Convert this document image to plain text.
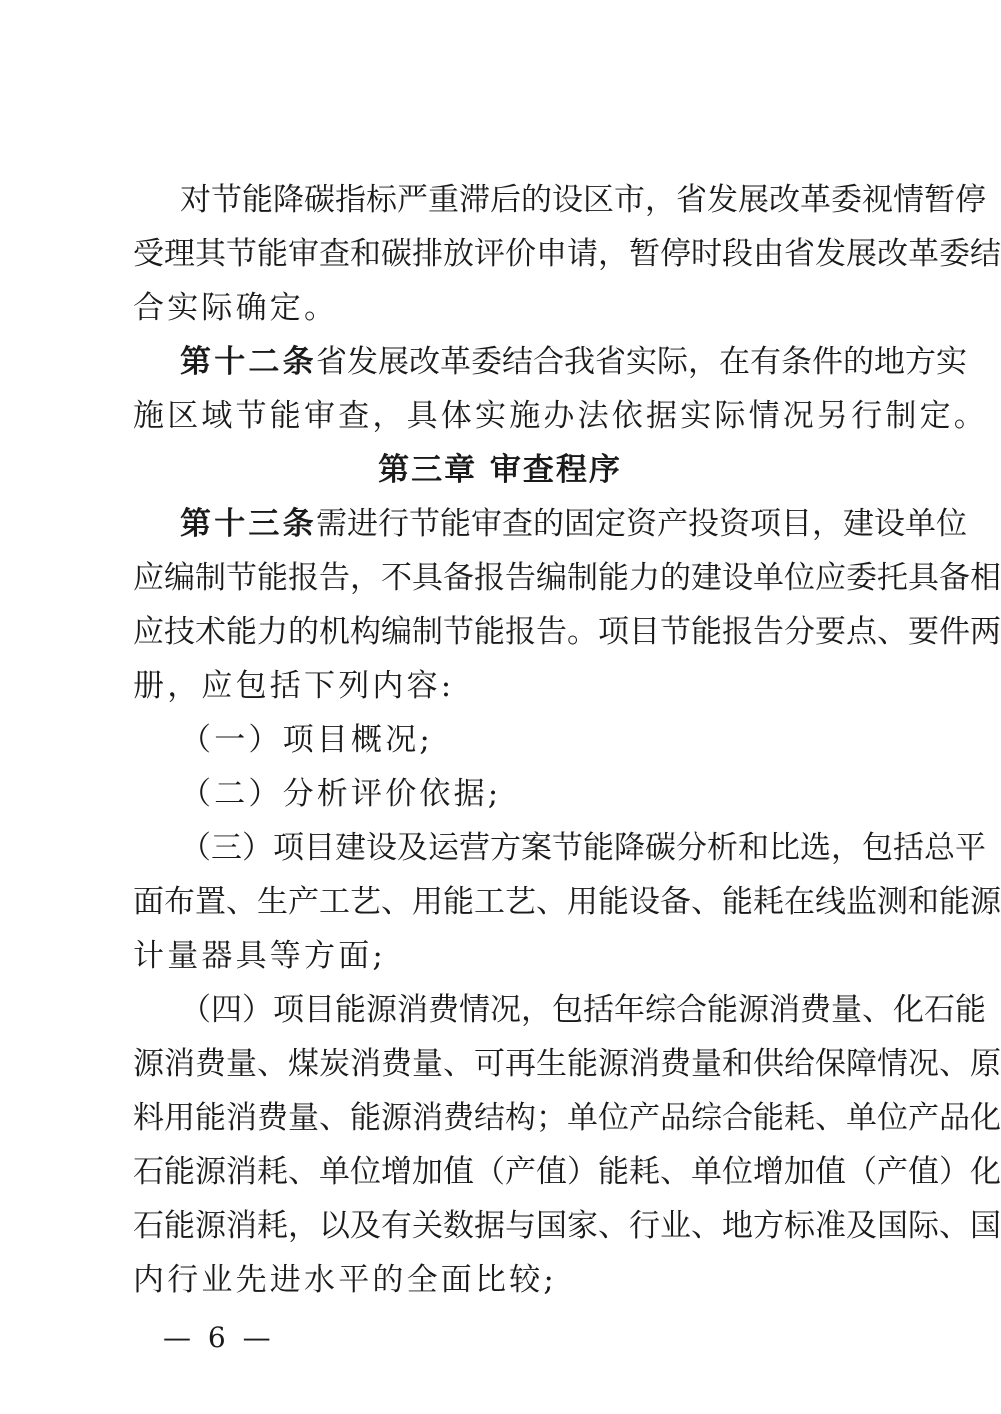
对节能降碳指标严重滞后的设区市，省发展改革委视情暂停
受理其节能审查和碳排放评价申请，暂停时段由省发展改革委结
合实际确定。
第十二条 省发展改革委结合我省实际，在有条件的地方实
施区域节能审查，具体实施办法依据实际情况另行制定。
第三章 审查程序
第十三条 需进行节能审查的固定资产投资项目，建设单位
应编制节能报告，不具备报告编制能力的建设单位应委托具备相
应技术能力的机构编制节能报告。项目节能报告分要点、要件两
册，应包括下列内容:
（一）项目概况;
（二）分析评价依据;
（三）项目建设及运营方案节能降碳分析和比选，包括总平
面布置、生产工艺、用能工艺、用能设备、能耗在线监测和能源
计量器具等方面;
（四）项目能源消费情况，包括年综合能源消费量、化石能
源消费量、煤炭消费量、可再生能源消费量和供给保障情况、原
料用能消费量、能源消费结构；单位产品综合能耗、单位产品化
石能源消耗、单位增加值（产值）能耗、单位增加值（产值）化
石能源消耗，以及有关数据与国家、行业、地方标准及国际、国
内行业先进水平的全面比较;
— 6 —
